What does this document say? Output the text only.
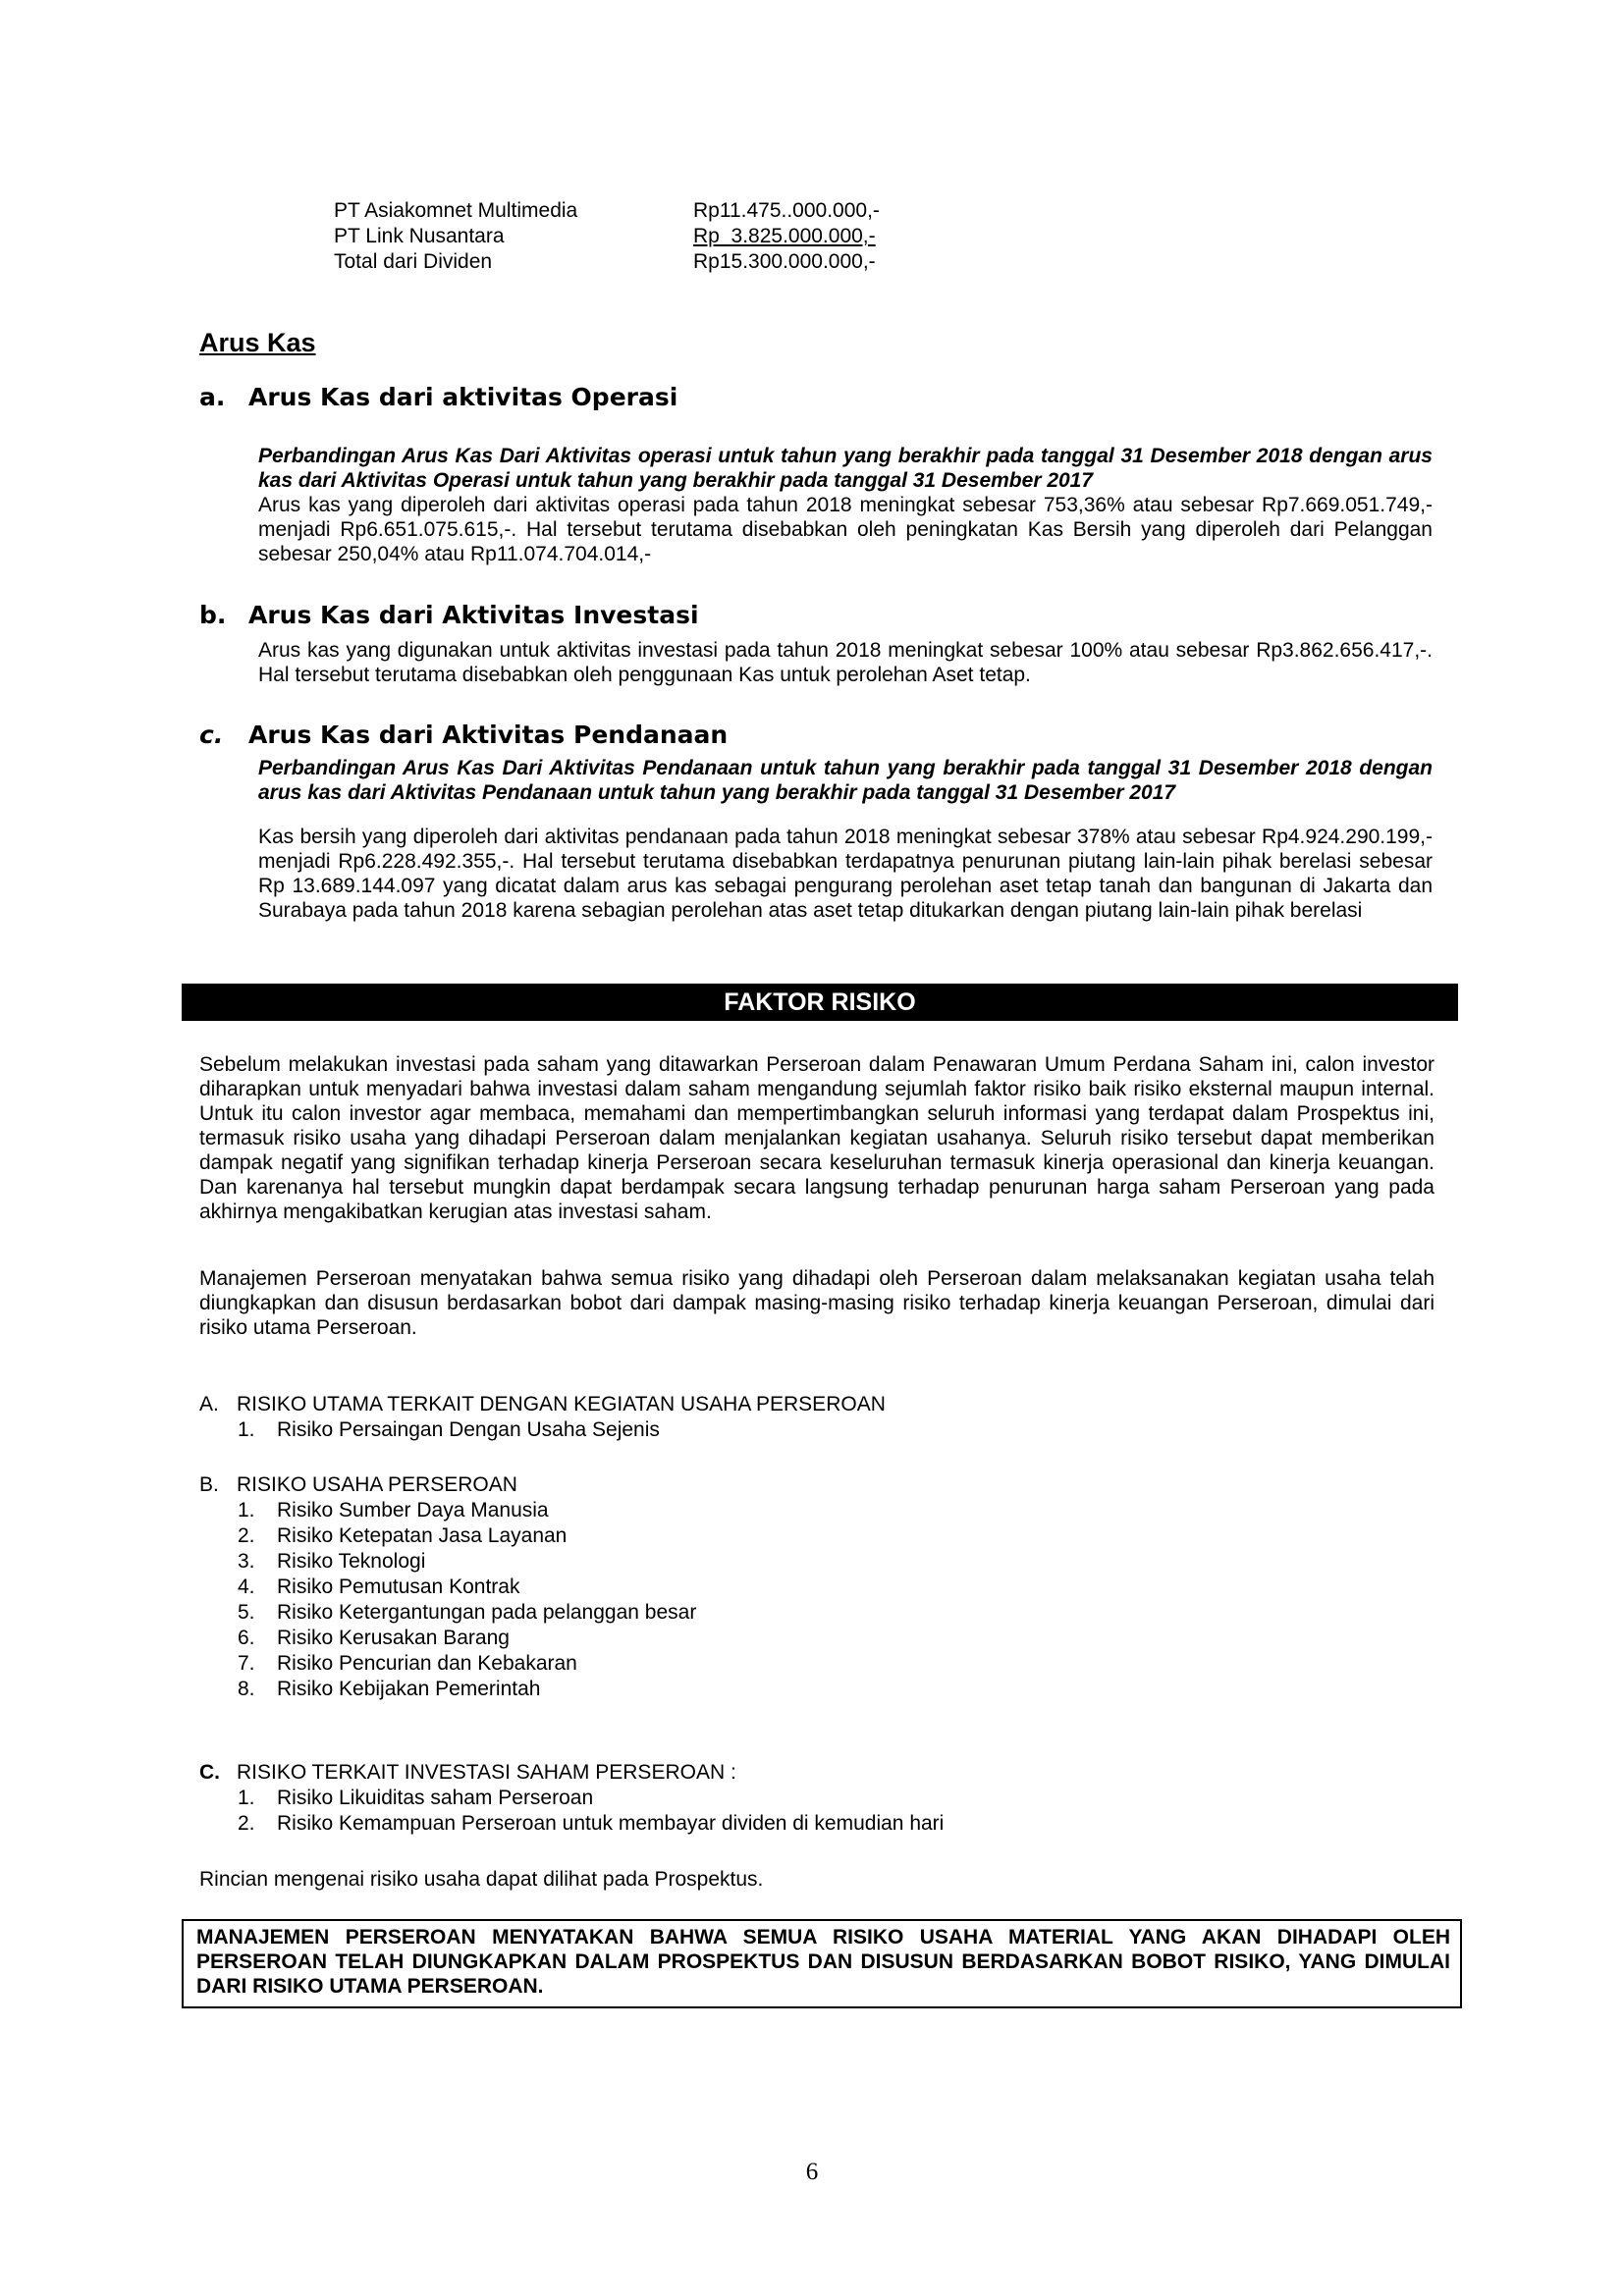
PT Asiakomnet Multimedia	Rp11.475..000.000,-
PT Link Nusantara	Rp  3.825.000.000,-
Total dari Dividen	Rp15.300.000.000,-
Arus Kas
a. Arus Kas dari aktivitas Operasi
Perbandingan Arus Kas Dari Aktivitas operasi untuk tahun yang berakhir pada tanggal 31 Desember 2018 dengan arus kas dari Aktivitas Operasi untuk tahun yang berakhir pada tanggal 31 Desember 2017
Arus kas yang diperoleh dari aktivitas operasi pada tahun 2018 meningkat sebesar 753,36% atau sebesar Rp7.669.051.749,- menjadi Rp6.651.075.615,-. Hal tersebut terutama disebabkan oleh peningkatan Kas Bersih yang diperoleh dari Pelanggan sebesar 250,04% atau Rp11.074.704.014,-
b. Arus Kas dari Aktivitas Investasi
Arus kas yang digunakan untuk aktivitas investasi pada tahun 2018 meningkat sebesar 100% atau sebesar Rp3.862.656.417,-. Hal tersebut terutama disebabkan oleh penggunaan Kas untuk perolehan Aset tetap.
c. Arus Kas dari Aktivitas Pendanaan
Perbandingan Arus Kas Dari Aktivitas Pendanaan untuk tahun yang berakhir pada tanggal 31 Desember 2018 dengan arus kas dari Aktivitas Pendanaan untuk tahun yang berakhir pada tanggal 31 Desember 2017
Kas bersih yang diperoleh dari aktivitas pendanaan pada tahun 2018 meningkat sebesar 378% atau sebesar Rp4.924.290.199,- menjadi Rp6.228.492.355,-. Hal tersebut terutama disebabkan terdapatnya penurunan piutang lain-lain pihak berelasi sebesar Rp 13.689.144.097 yang dicatat dalam arus kas sebagai pengurang perolehan aset tetap tanah dan bangunan di Jakarta dan Surabaya pada tahun 2018 karena sebagian perolehan atas aset tetap ditukarkan dengan piutang lain-lain pihak berelasi
FAKTOR RISIKO
Sebelum melakukan investasi pada saham yang ditawarkan Perseroan dalam Penawaran Umum Perdana Saham ini, calon investor diharapkan untuk menyadari bahwa investasi dalam saham mengandung sejumlah faktor risiko baik risiko eksternal maupun internal. Untuk itu calon investor agar membaca, memahami dan mempertimbangkan seluruh informasi yang terdapat dalam Prospektus ini, termasuk risiko usaha yang dihadapi Perseroan dalam menjalankan kegiatan usahanya. Seluruh risiko tersebut dapat memberikan dampak negatif yang signifikan terhadap kinerja Perseroan secara keseluruhan termasuk kinerja operasional dan kinerja keuangan. Dan karenanya hal tersebut mungkin dapat berdampak secara langsung terhadap penurunan harga saham Perseroan yang pada akhirnya mengakibatkan kerugian atas investasi saham.
Manajemen Perseroan menyatakan bahwa semua risiko yang dihadapi oleh Perseroan dalam melaksanakan kegiatan usaha telah diungkapkan dan disusun berdasarkan bobot dari dampak masing-masing risiko terhadap kinerja keuangan Perseroan, dimulai dari risiko utama Perseroan.
A. RISIKO UTAMA TERKAIT DENGAN KEGIATAN USAHA PERSEROAN
1.	Risiko Persaingan Dengan Usaha Sejenis
B. RISIKO USAHA PERSEROAN
1.	Risiko Sumber Daya Manusia
2.	Risiko Ketepatan Jasa Layanan
3.	Risiko Teknologi
4.	Risiko Pemutusan Kontrak
5.	Risiko Ketergantungan pada pelanggan besar
6.	Risiko Kerusakan Barang
7.	Risiko Pencurian dan Kebakaran
8.	Risiko Kebijakan Pemerintah
C. RISIKO TERKAIT INVESTASI SAHAM PERSEROAN :
1.	Risiko Likuiditas saham Perseroan
2.	Risiko Kemampuan Perseroan untuk membayar dividen di kemudian hari
Rincian mengenai risiko usaha dapat dilihat pada Prospektus.
MANAJEMEN PERSEROAN MENYATAKAN BAHWA SEMUA RISIKO USAHA MATERIAL YANG AKAN DIHADAPI OLEH PERSEROAN TELAH DIUNGKAPKAN DALAM PROSPEKTUS DAN DISUSUN BERDASARKAN BOBOT RISIKO, YANG DIMULAI DARI RISIKO UTAMA PERSEROAN.
6
